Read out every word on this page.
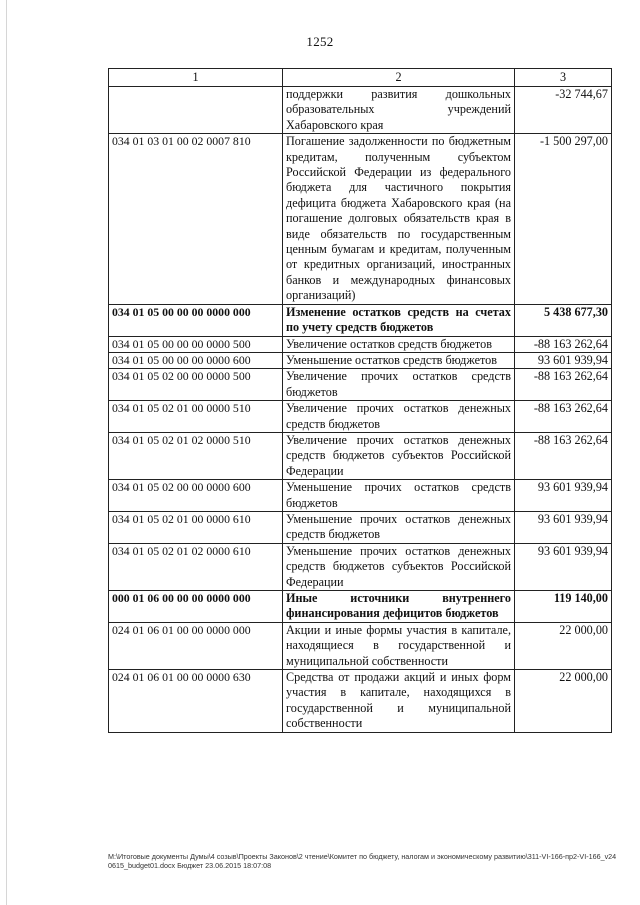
1252
1	2	3
	поддержки развития дошкольных образовательных учреждений Хабаровского края	-32 744,67
034 01 03 01 00 02 0007 810	Погашение задолженности по бюджетным кредитам, полученным субъектом Российской Федерации из федерального бюджета для частичного покрытия дефицита бюджета Хабаровского края (на погашение долговых обязательств края в виде обязательств по государственным ценным бумагам и кредитам, полученным от кредитных организаций, иностранных банков и международных финансовых организаций)	-1 500 297,00
034 01 05 00 00 00 0000 000	Изменение остатков средств на счетах по учету средств бюджетов	5 438 677,30
034 01 05 00 00 00 0000 500	Увеличение остатков средств бюджетов	-88 163 262,64
034 01 05 00 00 00 0000 600	Уменьшение остатков средств бюджетов	93 601 939,94
034 01 05 02 00 00 0000 500	Увеличение прочих остатков средств бюджетов	-88 163 262,64
034 01 05 02 01 00 0000 510	Увеличение прочих остатков денежных средств бюджетов	-88 163 262,64
034 01 05 02 01 02 0000 510	Увеличение прочих остатков денежных средств бюджетов субъектов Российской Федерации	-88 163 262,64
034 01 05 02 00 00 0000 600	Уменьшение прочих остатков средств бюджетов	93 601 939,94
034 01 05 02 01 00 0000 610	Уменьшение прочих остатков денежных средств бюджетов	93 601 939,94
034 01 05 02 01 02 0000 610	Уменьшение прочих остатков денежных средств бюджетов субъектов Российской Федерации	93 601 939,94
000 01 06 00 00 00 0000 000	Иные источники внутреннего финансирования дефицитов бюджетов	119 140,00
024 01 06 01 00 00 0000 000	Акции и иные формы участия в капитале, находящиеся в государственной и муниципальной собственности	22 000,00
024 01 06 01 00 00 0000 630	Средства от продажи акций и иных форм участия в капитале, находящихся в государственной и муниципальной собственности	22 000,00
M:\Итоговые документы Думы\4 созыв\Проекты Законов\2 чтение\Комитет по бюджету, налогам и экономическому развитию\311-VI-166-пр2-VI-166_v240615_budget01.docx Бюджет 23.06.2015 18:07:08
